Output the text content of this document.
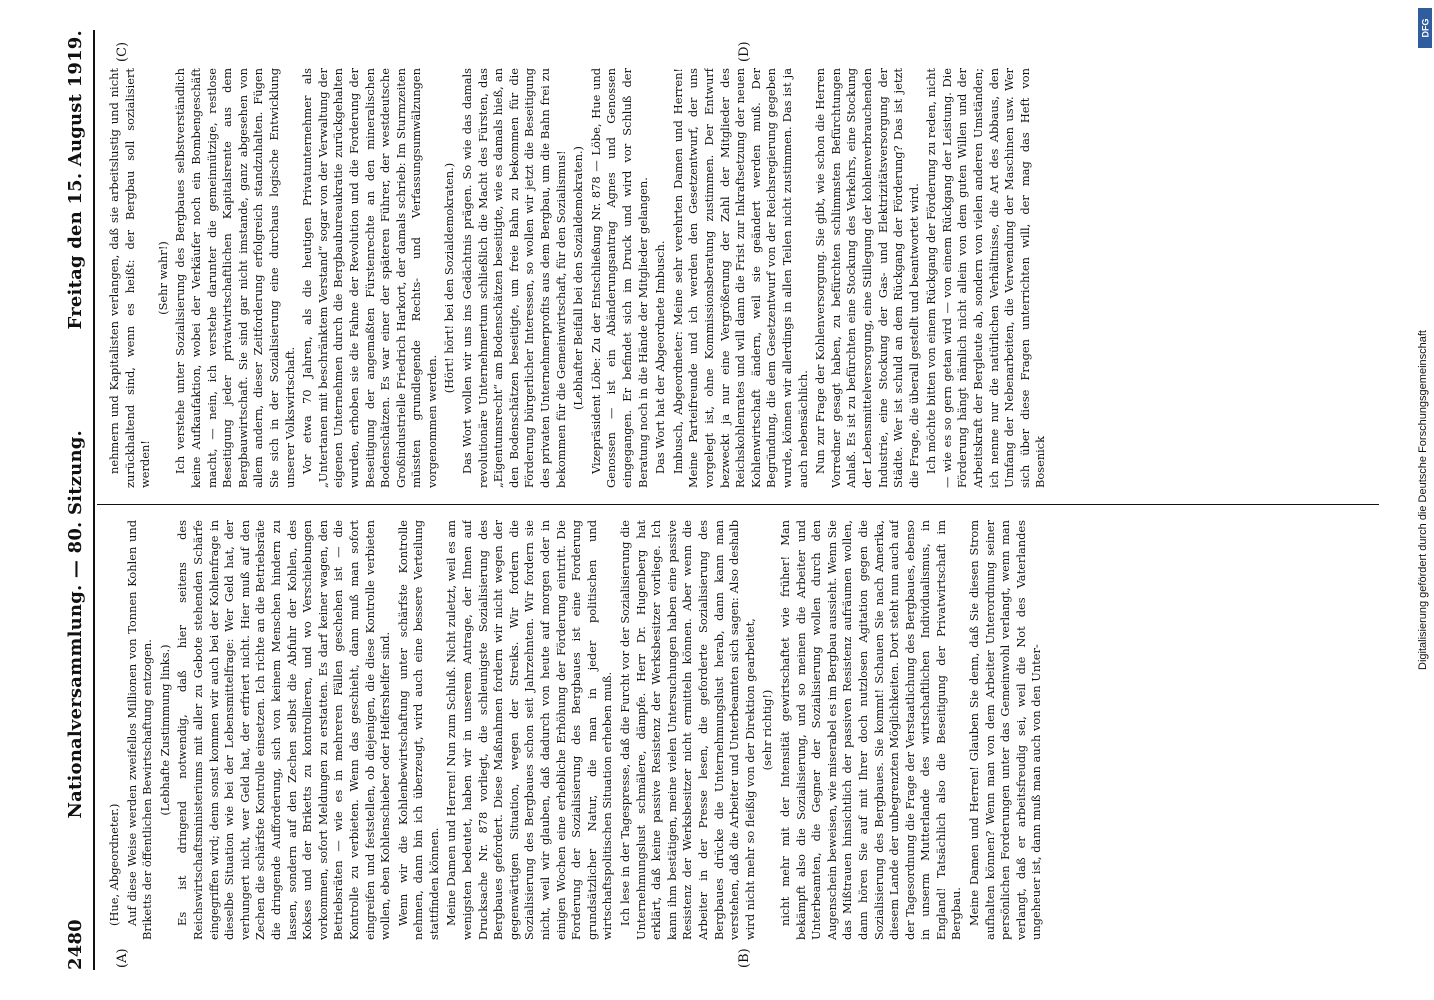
2480
Nationalversammlung. — 80. Sitzung.
Freitag den 15. August 1919.
(A)	(B)
(C)	(D)

(Hue, Abgeordneter.) Auf diese Weise werden zweifellos Millionen von Tonnen Kohlen und Briketts der öffentlichen Bewirtschaftung entzogen. (Lebhafte Zustimmung links.) Es ist dringend notwendig, daß hier seitens des Reichswirtschaftsministeriums mit aller zu Gebote stehenden Schärfe eingegriffen wird; denn sonst kommen wir auch bei der Kohlenfrage in dieselbe Situation wie bei der Lebensmittelfrage: Wer Geld hat, der verhungert nicht, wer Geld hat, der erfriert nicht. Hier muß auf den Zechen die schärfste Kontrolle einsetzen. Ich richte an die Betriebsräte die dringende Aufforderung, sich von keinem Menschen hindern zu lassen, sondern auf den Zechen selbst die Abfuhr der Kohlen, des Kokses und der Briketts zu kontrollieren, und wo Verschiebungen vorkommen, sofort Meldungen zu erstatten. Es darf keiner wagen, den Betriebsräten — wie es in mehreren Fällen geschehen ist — die Kontrolle zu verbieten. Wenn das geschieht, dann muß man sofort eingreifen und feststellen, ob diejenigen, die diese Kontrolle verbieten wollen, eben Kohlenschieber oder Helfershelfer sind. Wenn wir die Kohlenbewirtschaftung unter schärfste Kontrolle nehmen, dann bin ich überzeugt, wird auch eine bessere Verteilung stattfinden können. Meine Damen und Herren! Nun zum Schluß. Nicht zuletzt, weil es am wenigsten bedeutet, haben wir in unserem Antrage, der Ihnen auf Drucksache Nr. 878 vorliegt, die schleunigste Sozialisierung des Bergbaues gefordert. Diese Maßnahmen fordern wir nicht wegen der gegenwärtigen Situation, wegen der Streiks. Wir fordern die Sozialisierung des Bergbaues schon seit Jahrzehnten. Wir fordern sie nicht, weil wir glauben, daß dadurch von heute auf morgen oder in einigen Wochen eine erhebliche Erhöhung der Förderung eintritt. Die Forderung der Sozialisierung des Bergbaues ist eine Forderung grundsätzlicher Natur, die man in jeder politischen und wirtschaftspolitischen Situation erheben muß. Ich lese in der Tagespresse, daß die Furcht vor der Sozialisierung die Unternehmungslust schmälere, dämpfe. Herr Dr. Hugenberg hat erklärt, daß keine passive Resistenz der Werksbesitzer vorliege. Ich kann ihm bestätigen, meine vielen Untersuchungen haben eine passive Resistenz der Werksbesitzer nicht ermitteln können. Aber wenn die Arbeiter in der Presse lesen, die geforderte Sozialisierung des Bergbaues drücke die Unternehmungslust herab, dann kann man verstehen, daß die Arbeiter und Unterbeamten sich sagen: Also deshalb wird nicht mehr so fleißig von der Direktion gearbeitet, (sehr richtig!) nicht mehr mit der Intensität gewirtschaftet wie früher! Man bekämpft also die Sozialisierung, und so meinen die Arbeiter und Unterbeamten, die Gegner der Sozialisierung wollen durch den Augenschein beweisen, wie miserabel es im Bergbau aussieht. Wenn Sie das Mißtrauen hinsichtlich der passiven Resistenz aufräumen wollen, dann hören Sie auf mit Ihrer doch nutzlosen Agitation gegen die Sozialisierung des Bergbaues. Sie kommt! Schauen Sie nach Amerika, diesem Lande der unbegrenzten Möglichkeiten. Dort steht nun auch auf der Tagesordnung die Frage der Verstaatlichung des Bergbaues, ebenso in unserm Mutterlande des wirtschaftlichen Individualismus, in England! Tatsächlich also die Beseitigung der Privatwirtschaft im Bergbau. Meine Damen und Herren! Glauben Sie denn, daß Sie diesen Strom aufhalten können? Wenn man von dem Arbeiter Unterordnung seiner persönlichen Forderungen unter das Gemeinwohl verlangt, wenn man verlangt, daß er arbeitsfreudig sei, weil die Not des Vaterlandes ungeheuer ist, dann muß man auch von den Unter-

nehmern und Kapitalisten verlangen, daß sie arbeitslustig und nicht zurückhaltend sind, wenn es heißt: der Bergbau soll sozialisiert werden!

(Sehr wahr!) Ich verstehe unter Sozialisierung des Bergbaues selbstverständlich keine Aufkaufaktion, wobei der Verkäufer noch ein Bombengeschäft macht, — nein, ich verstehe darunter die gemeinnützige, restlose Beseitigung jeder privatwirtschaftlichen Kapitalsrente aus dem Bergbauwirtschaft. Sie sind gar nicht imstande, ganz abgesehen von allem andern, dieser Zeitforderung erfolgreich standzuhalten. Fügen Sie sich in der Sozialisierung eine durchaus logische Entwicklung unserer Volkswirtschaft. Vor etwa 70 Jahren, als die heutigen Privatunternehmer als „Untertanen mit beschränktem Verstand“ sogar von der Verwaltung der eigenen Unternehmen durch die Bergbaubureaukratie zurückgehalten wurden, erhoben sie die Fahne der Revolution und die Forderung der Beseitigung der angemaßten Fürstenrechte an den mineralischen Bodenschätzen. Es war einer der späteren Führer, der westdeutsche Großindustrielle Friedrich Harkort, der damals schrieb: Im Sturmzeiten müssten grundlegende Rechts- und Verfassungsumwälzungen vorgenommen werden.

(Hört! hört! bei den Sozialdemokraten.) Das Wort wollen wir uns ins Gedächtnis prägen. So wie das damals revolutionäre Unternehmertum schließlich die Macht des Fürsten, das „Eigentumsrecht“ am Bodenschätzen beseitigte, wie es damals hieß, an den Bodenschätzen beseitigte, um freie Bahn zu bekommen für die Förderung bürgerlicher Interessen, so wollen wir jetzt die Beseitigung des privaten Unternehmerprofits aus dem Bergbau, um die Bahn frei zu bekommen für die Gemeinwirtschaft, für den Sozialismus! (Lebhafter Beifall bei den Sozialdemokraten.) Vizepräsident Löbe: Zu der Entschließung Nr. 878 — Löbe, Hue und Genossen — ist ein Abänderungsantrag Agnes und Genossen eingegangen. Er befindet sich im Druck und wird vor Schluß der Beratung noch in die Hände der Mitglieder gelangen. Das Wort hat der Abgeordnete Imbusch. Imbusch, Abgeordneter: Meine sehr verehrten Damen und Herren! Meine Parteifreunde und ich werden den Gesetzentwurf, der uns vorgelegt ist, ohne Kommissionsberatung zustimmen. Der Entwurf bezweckt ja nur eine Vergrößerung der Zahl der Mitglieder des Reichskohlenrates und will dann die Frist zur Inkraftsetzung der neuen Kohlenwirtschaft ändern, weil sie geändert werden muß. Der Begründung, die dem Gesetzentwurf von der Reichsregierung gegeben wurde, können wir allerdings in allen Teilen nicht zustimmen. Das ist ja auch nebensächlich. Nun zur Frage der Kohlenversorgung. Sie gibt, wie schon die Herren Vorredner gesagt haben, zu befürchten schlimmsten Befürchtungen Anlaß. Es ist zu befürchten eine Stockung des Verkehrs, eine Stockung der Lebensmittelversorgung, eine Stillegung der kohlenverbrauchenden Industrie, eine Stockung der Gas- und Elektrizitätsversorgung der Städte. Wer ist schuld an dem Rückgang der Förderung? Das ist jetzt die Frage, die überall gestellt und beantwortet wird. Ich möchte bitten von einem Rückgang der Förderung zu reden, nicht — wie es so gern getan wird — von einem Rückgang der Leistung. Die Förderung hängt nämlich nicht allein von dem guten Willen und der Arbeitskraft der Bergleute ab, sondern von vielen anderen Umständen; ich nenne nur die natürlichen Verhältnisse, die Art des Abbaus, den Umfang der Nebenarbeiten, die Verwendung der Maschinen usw. Wer sich über diese Fragen unterrichten will, der mag das Heft von Bosenick

DFG
Digitalisierung gefördert durch die Deutsche Forschungsgemeinschaft
